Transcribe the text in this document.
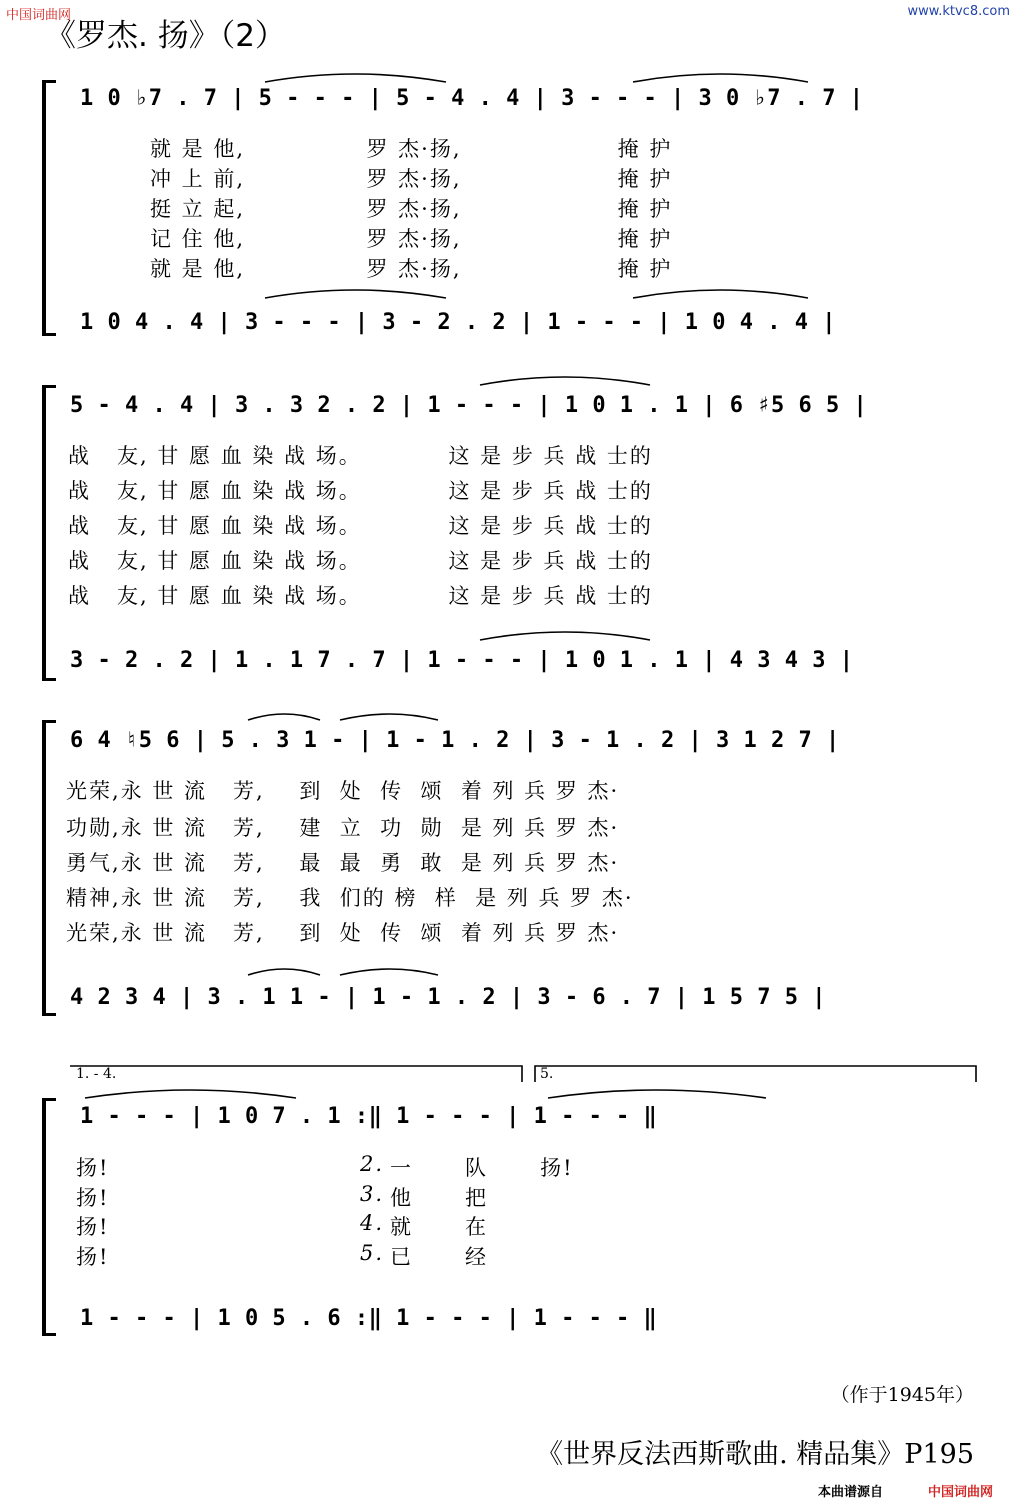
中国词曲网	www.ktvc8.com
《罗杰. 扬》（2）
1 0 ♭7 . 7 | 5 - - - | 5 - 4 . 4 | 3 - - - | 3 0 ♭7 . 7 |
就 是 他,              罗 杰·扬,                  掩 护
冲 上 前,              罗 杰·扬,                  掩 护
挺 立 起,              罗 杰·扬,                  掩 护
记 住 他,              罗 杰·扬,                  掩 护
就 是 他,              罗 杰·扬,                  掩 护
1 0 4 . 4 | 3 - - - | 3 - 2 . 2 | 1 - - - | 1 0 4 . 4 |
5 - 4 . 4 | 3 . 3 2 . 2 | 1 - - - | 1 0 1 . 1 | 6 ♯5 6 5 |
战   友, 甘 愿 血 染 战 场。          这 是 步 兵 战 士的
战   友, 甘 愿 血 染 战 场。          这 是 步 兵 战 士的
战   友, 甘 愿 血 染 战 场。          这 是 步 兵 战 士的
战   友, 甘 愿 血 染 战 场。          这 是 步 兵 战 士的
战   友, 甘 愿 血 染 战 场。          这 是 步 兵 战 士的
3 - 2 . 2 | 1 . 1 7 . 7 | 1 - - - | 1 0 1 . 1 | 4 3 4 3 |
6 4 ♮5 6 | 5 . 3 1 - | 1 - 1 . 2 | 3 - 1 . 2 | 3 1 2 7 |
光荣,永 世 流   芳,    到  处  传  颂  着 列 兵 罗 杰·
功勋,永 世 流   芳,    建  立  功  勋  是 列 兵 罗 杰·
勇气,永 世 流   芳,    最  最  勇  敢  是 列 兵 罗 杰·
精神,永 世 流   芳,    我  们的 榜  样  是 列 兵 罗 杰·
光荣,永 世 流   芳,    到  处  传  颂  着 列 兵 罗 杰·
4 2 3 4 | 3 . 1 1 - | 1 - 1 . 2 | 3 - 6 . 7 | 1 5 7 5 |
1. - 4.	5.
1 - - - | 1 0 7 . 1 :‖ 1 - - - | 1 - - - ‖
扬!	2. 一      队      扬!
扬!	3. 他      把
扬!	4. 就      在
扬!	5. 已      经
1 - - - | 1 0 5 . 6 :‖ 1 - - - | 1 - - - ‖
（作于1945年）
《世界反法西斯歌曲. 精品集》P195
本曲谱源自	中国词曲网
